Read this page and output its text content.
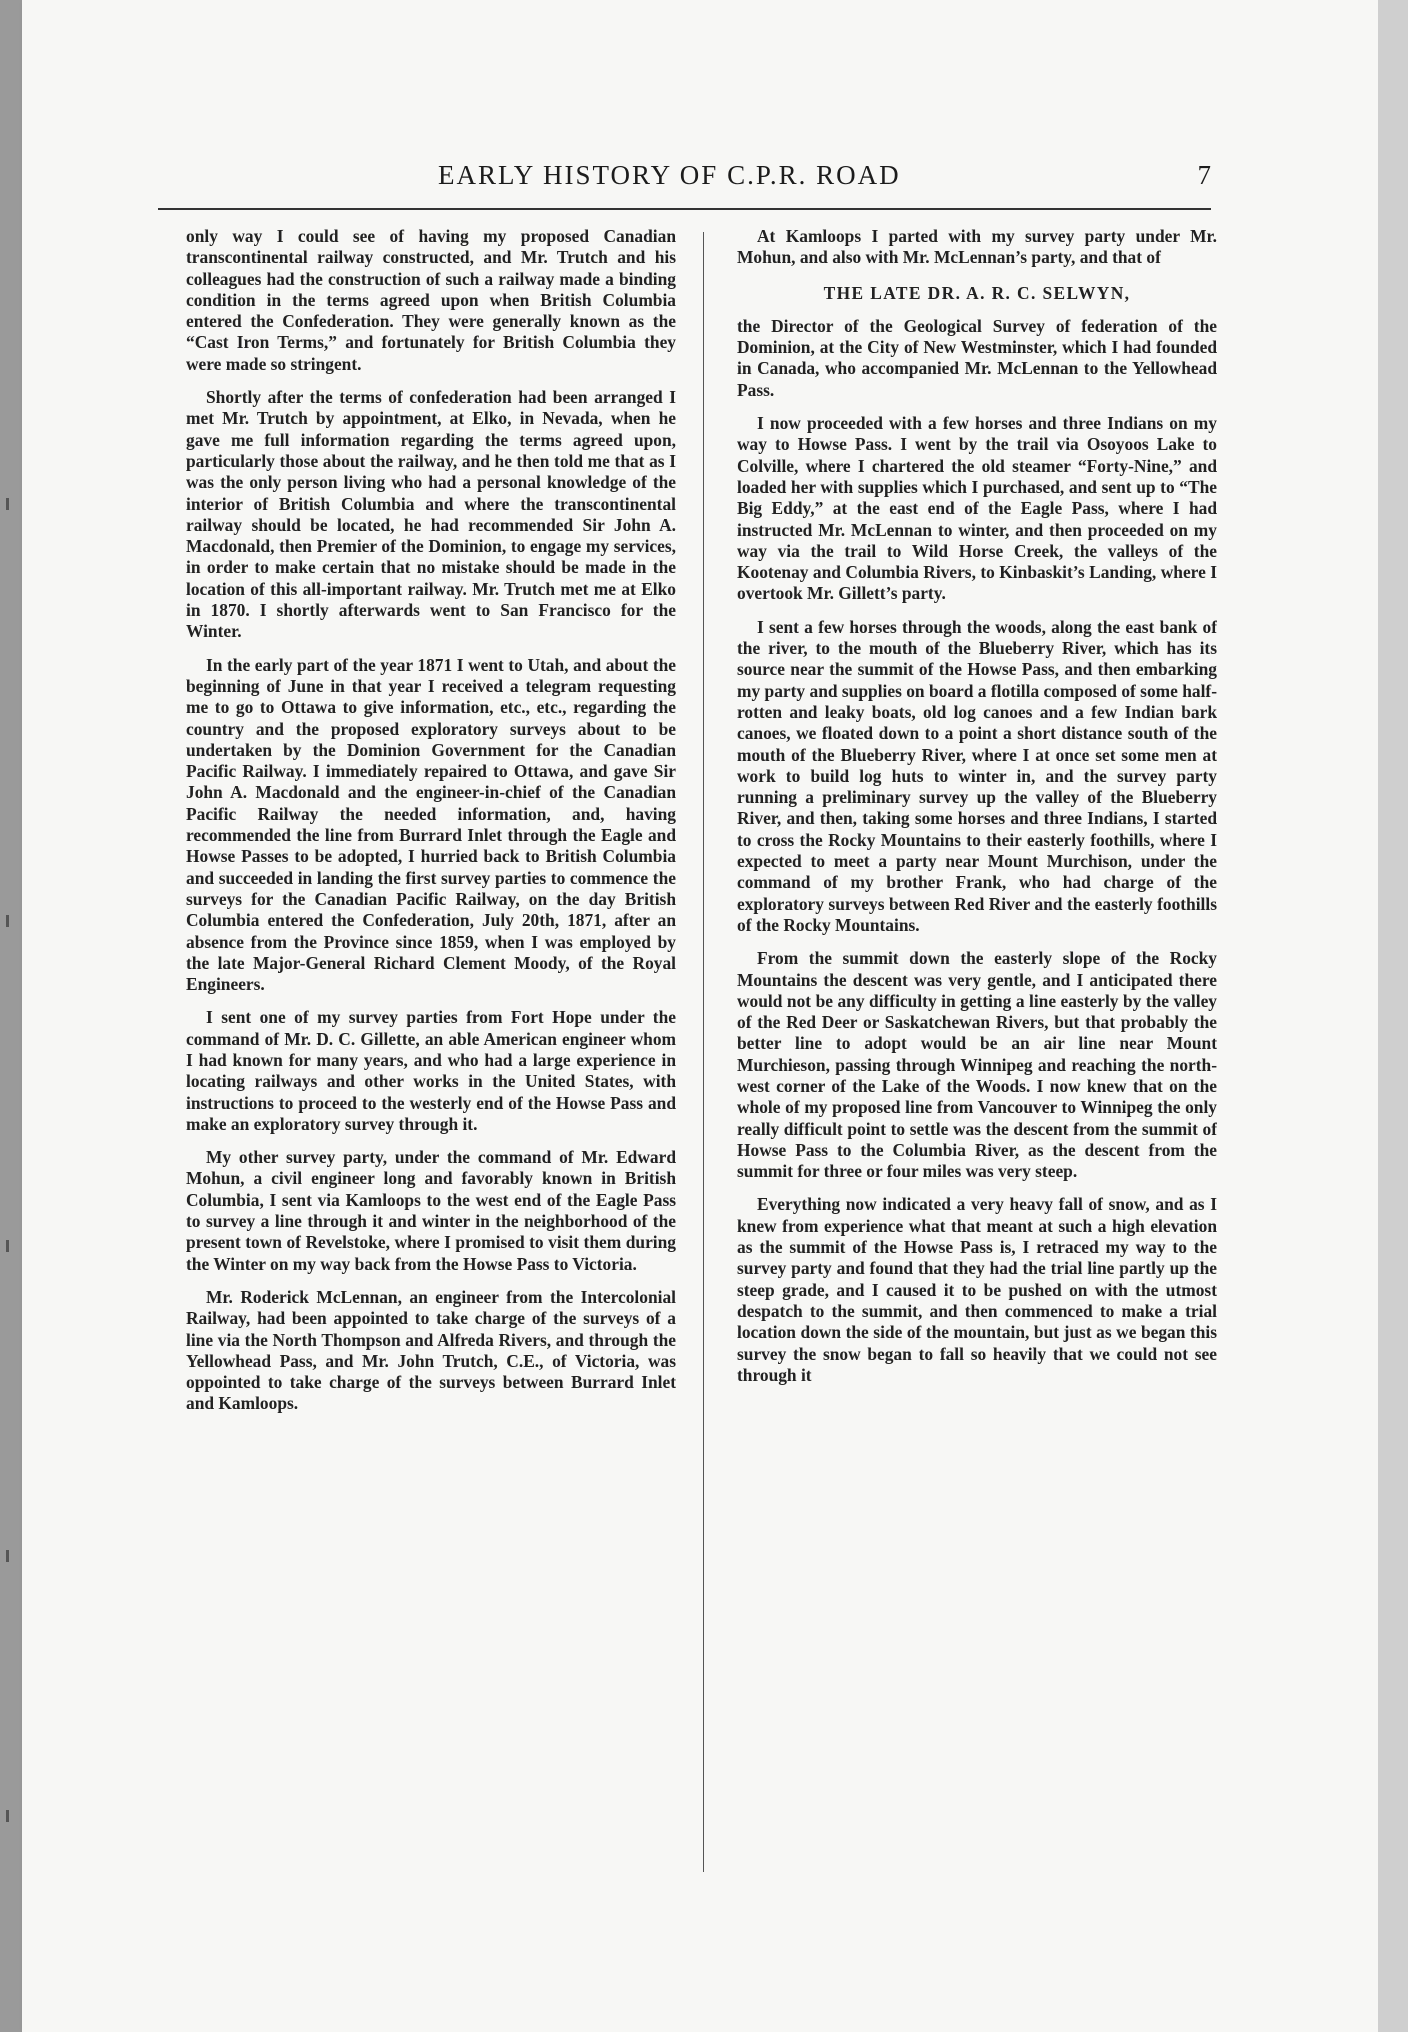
EARLY HISTORY OF C.P.R. ROAD	7

only way I could see of having my proposed Canadian transcontinental railway constructed, and Mr. Trutch and his colleagues had the construction of such a railway made a binding condition in the terms agreed upon when British Columbia entered the Confederation. They were generally known as the “Cast Iron Terms,” and fortunately for British Columbia they were made so stringent.

Shortly after the terms of confederation had been arranged I met Mr. Trutch by appointment, at Elko, in Nevada, when he gave me full information regarding the terms agreed upon, particularly those about the railway, and he then told me that as I was the only person living who had a personal knowledge of the interior of British Columbia and where the transcontinental railway should be located, he had recommended Sir John A. Macdonald, then Premier of the Dominion, to engage my services, in order to make certain that no mistake should be made in the location of this all-important railway. Mr. Trutch met me at Elko in 1870. I shortly afterwards went to San Francisco for the Winter.

In the early part of the year 1871 I went to Utah, and about the beginning of June in that year I received a telegram requesting me to go to Ottawa to give information, etc., etc., regarding the country and the proposed exploratory surveys about to be undertaken by the Dominion Government for the Canadian Pacific Railway. I immediately repaired to Ottawa, and gave Sir John A. Macdonald and the engineer-in-chief of the Canadian Pacific Railway the needed information, and, having recommended the line from Burrard Inlet through the Eagle and Howse Passes to be adopted, I hurried back to British Columbia and succeeded in landing the first survey parties to commence the surveys for the Canadian Pacific Railway, on the day British Columbia entered the Confederation, July 20th, 1871, after an absence from the Province since 1859, when I was employed by the late Major-General Richard Clement Moody, of the Royal Engineers.

I sent one of my survey parties from Fort Hope under the command of Mr. D. C. Gillette, an able American engineer whom I had known for many years, and who had a large experience in locating railways and other works in the United States, with instructions to proceed to the westerly end of the Howse Pass and make an exploratory survey through it.

My other survey party, under the command of Mr. Edward Mohun, a civil engineer long and favorably known in British Columbia, I sent via Kamloops to the west end of the Eagle Pass to survey a line through it and winter in the neighborhood of the present town of Revelstoke, where I promised to visit them during the Winter on my way back from the Howse Pass to Victoria.

Mr. Roderick McLennan, an engineer from the Intercolonial Railway, had been appointed to take charge of the surveys of a line via the North Thompson and Alfreda Rivers, and through the Yellowhead Pass, and Mr. John Trutch, C.E., of Victoria, was oppointed to take charge of the surveys between Burrard Inlet and Kamloops.

At Kamloops I parted with my survey party under Mr. Mohun, and also with Mr. McLennan’s party, and that of

THE LATE DR. A. R. C. SELWYN,

the Director of the Geological Survey of federation of the Dominion, at the City of New Westminster, which I had founded in Canada, who accompanied Mr. McLennan to the Yellowhead Pass.

I now proceeded with a few horses and three Indians on my way to Howse Pass. I went by the trail via Osoyoos Lake to Colville, where I chartered the old steamer “Forty-Nine,” and loaded her with supplies which I purchased, and sent up to “The Big Eddy,” at the east end of the Eagle Pass, where I had instructed Mr. McLennan to winter, and then proceeded on my way via the trail to Wild Horse Creek, the valleys of the Kootenay and Columbia Rivers, to Kinbaskit’s Landing, where I overtook Mr. Gillett’s party.

I sent a few horses through the woods, along the east bank of the river, to the mouth of the Blueberry River, which has its source near the summit of the Howse Pass, and then embarking my party and supplies on board a flotilla composed of some half-rotten and leaky boats, old log canoes and a few Indian bark canoes, we floated down to a point a short distance south of the mouth of the Blueberry River, where I at once set some men at work to build log huts to winter in, and the survey party running a preliminary survey up the valley of the Blueberry River, and then, taking some horses and three Indians, I started to cross the Rocky Mountains to their easterly foothills, where I expected to meet a party near Mount Murchison, under the command of my brother Frank, who had charge of the exploratory surveys between Red River and the easterly foothills of the Rocky Mountains.

From the summit down the easterly slope of the Rocky Mountains the descent was very gentle, and I anticipated there would not be any difficulty in getting a line easterly by the valley of the Red Deer or Saskatchewan Rivers, but that probably the better line to adopt would be an air line near Mount Murchieson, passing through Winnipeg and reaching the north-west corner of the Lake of the Woods. I now knew that on the whole of my proposed line from Vancouver to Winnipeg the only really difficult point to settle was the descent from the summit of Howse Pass to the Columbia River, as the descent from the summit for three or four miles was very steep.

Everything now indicated a very heavy fall of snow, and as I knew from experience what that meant at such a high elevation as the summit of the Howse Pass is, I retraced my way to the survey party and found that they had the trial line partly up the steep grade, and I caused it to be pushed on with the utmost despatch to the summit, and then commenced to make a trial location down the side of the mountain, but just as we began this survey the snow began to fall so heavily that we could not see through it
